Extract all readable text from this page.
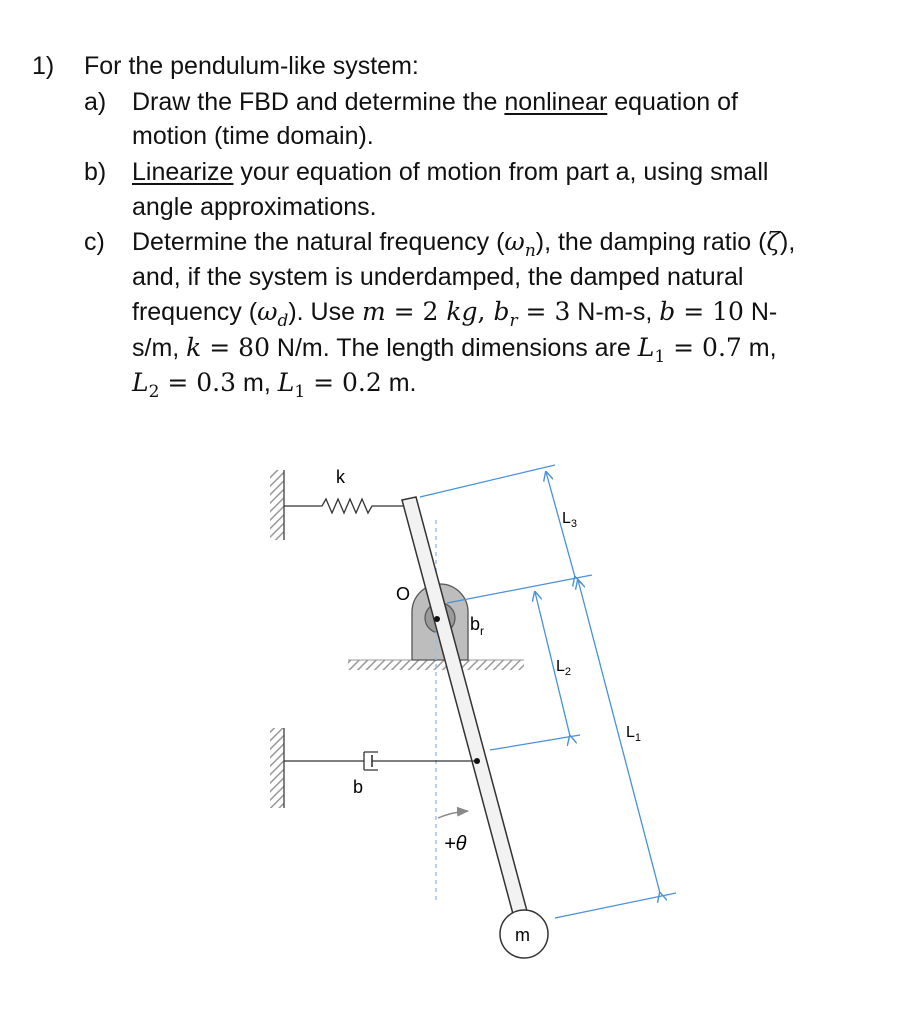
1) For the pendulum-like system:
a) Draw the FBD and determine the nonlinear equation of
motion (time domain).
b) Linearize your equation of motion from part a, using small
angle approximations.
c) Determine the natural frequency $(\omega_n)$, the damping ratio (ζ),
and, if the system is underdamped, the damped natural
frequency $(\omega_d)$. Use m = 2 kg, $b_r = 3$ N-m-s, b = 10 N-
s/m, k = 80 N/m. The length dimensions are $L_1 = 0.7$ m,
$L_2 = 0.3$ m, $L_1 = 0.2$ m.
k
O
$b_r$
b
+θ
m
$L_3$
$L_2$
$L_1$
